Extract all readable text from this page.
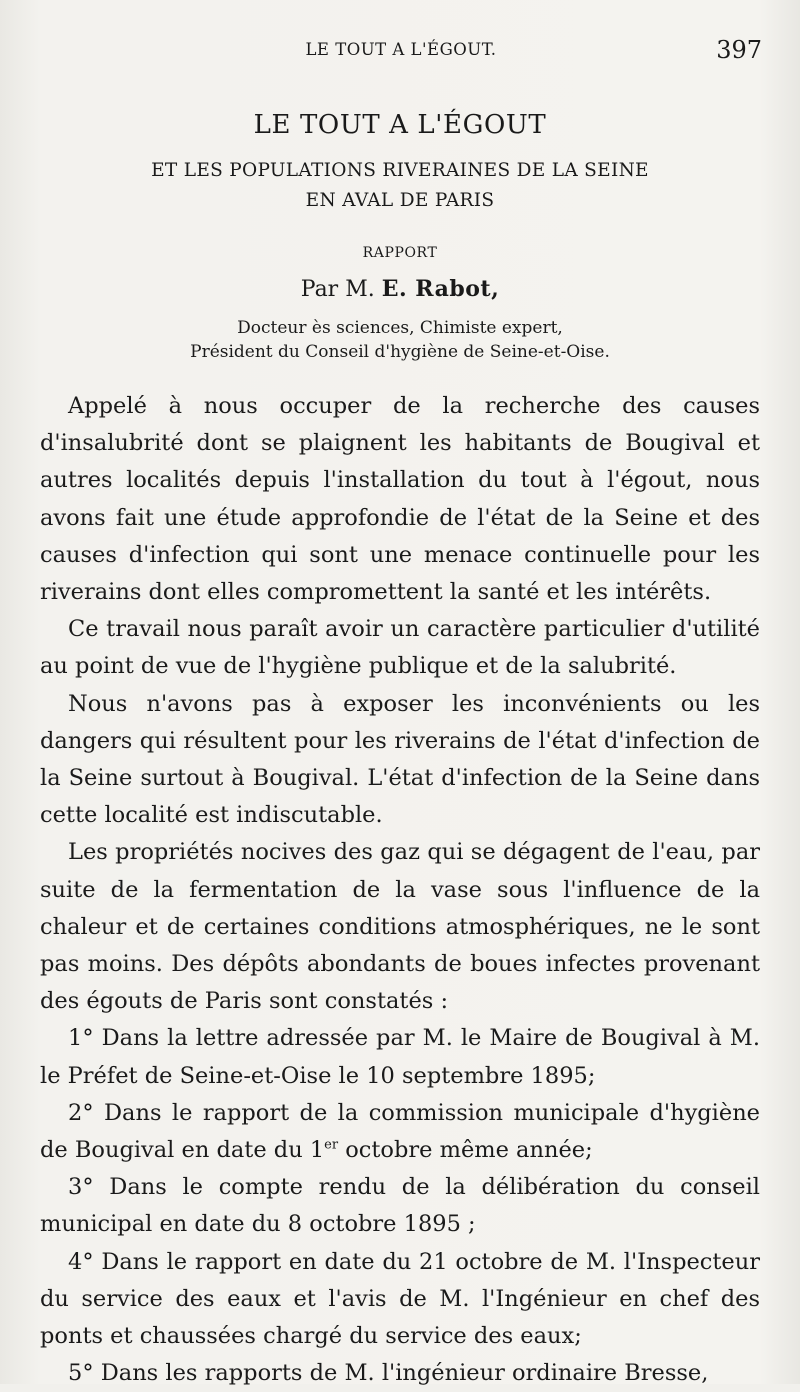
LE TOUT A L'ÉGOUT.	397
LE TOUT A L'ÉGOUT
ET LES POPULATIONS RIVERAINES DE LA SEINE
EN AVAL DE PARIS
RAPPORT
Par M. E. Rabot,
Docteur ès sciences, Chimiste expert,
Président du Conseil d'hygiène de Seine-et-Oise.

Appelé à nous occuper de la recherche des causes d'insalubrité dont se plaignent les habitants de Bougival et autres localités depuis l'installation du tout à l'égout, nous avons fait une étude approfondie de l'état de la Seine et des causes d'infection qui sont une menace continuelle pour les riverains dont elles compromettent la santé et les intérêts.

Ce travail nous paraît avoir un caractère particulier d'utilité au point de vue de l'hygiène publique et de la salubrité.

Nous n'avons pas à exposer les inconvénients ou les dangers qui résultent pour les riverains de l'état d'infection de la Seine surtout à Bougival. L'état d'infection de la Seine dans cette localité est indiscutable.

Les propriétés nocives des gaz qui se dégagent de l'eau, par suite de la fermentation de la vase sous l'influence de la chaleur et de certaines conditions atmosphériques, ne le sont pas moins. Des dépôts abondants de boues infectes provenant des égouts de Paris sont constatés :

1° Dans la lettre adressée par M. le Maire de Bougival à M. le Préfet de Seine-et-Oise le 10 septembre 1895;

2° Dans le rapport de la commission municipale d'hygiène de Bougival en date du 1er octobre même année;

3° Dans le compte rendu de la délibération du conseil municipal en date du 8 octobre 1895 ;

4° Dans le rapport en date du 21 octobre de M. l'Inspecteur du service des eaux et l'avis de M. l'Ingénieur en chef des ponts et chaussées chargé du service des eaux;

5° Dans les rapports de M. l'ingénieur ordinaire Bresse,
